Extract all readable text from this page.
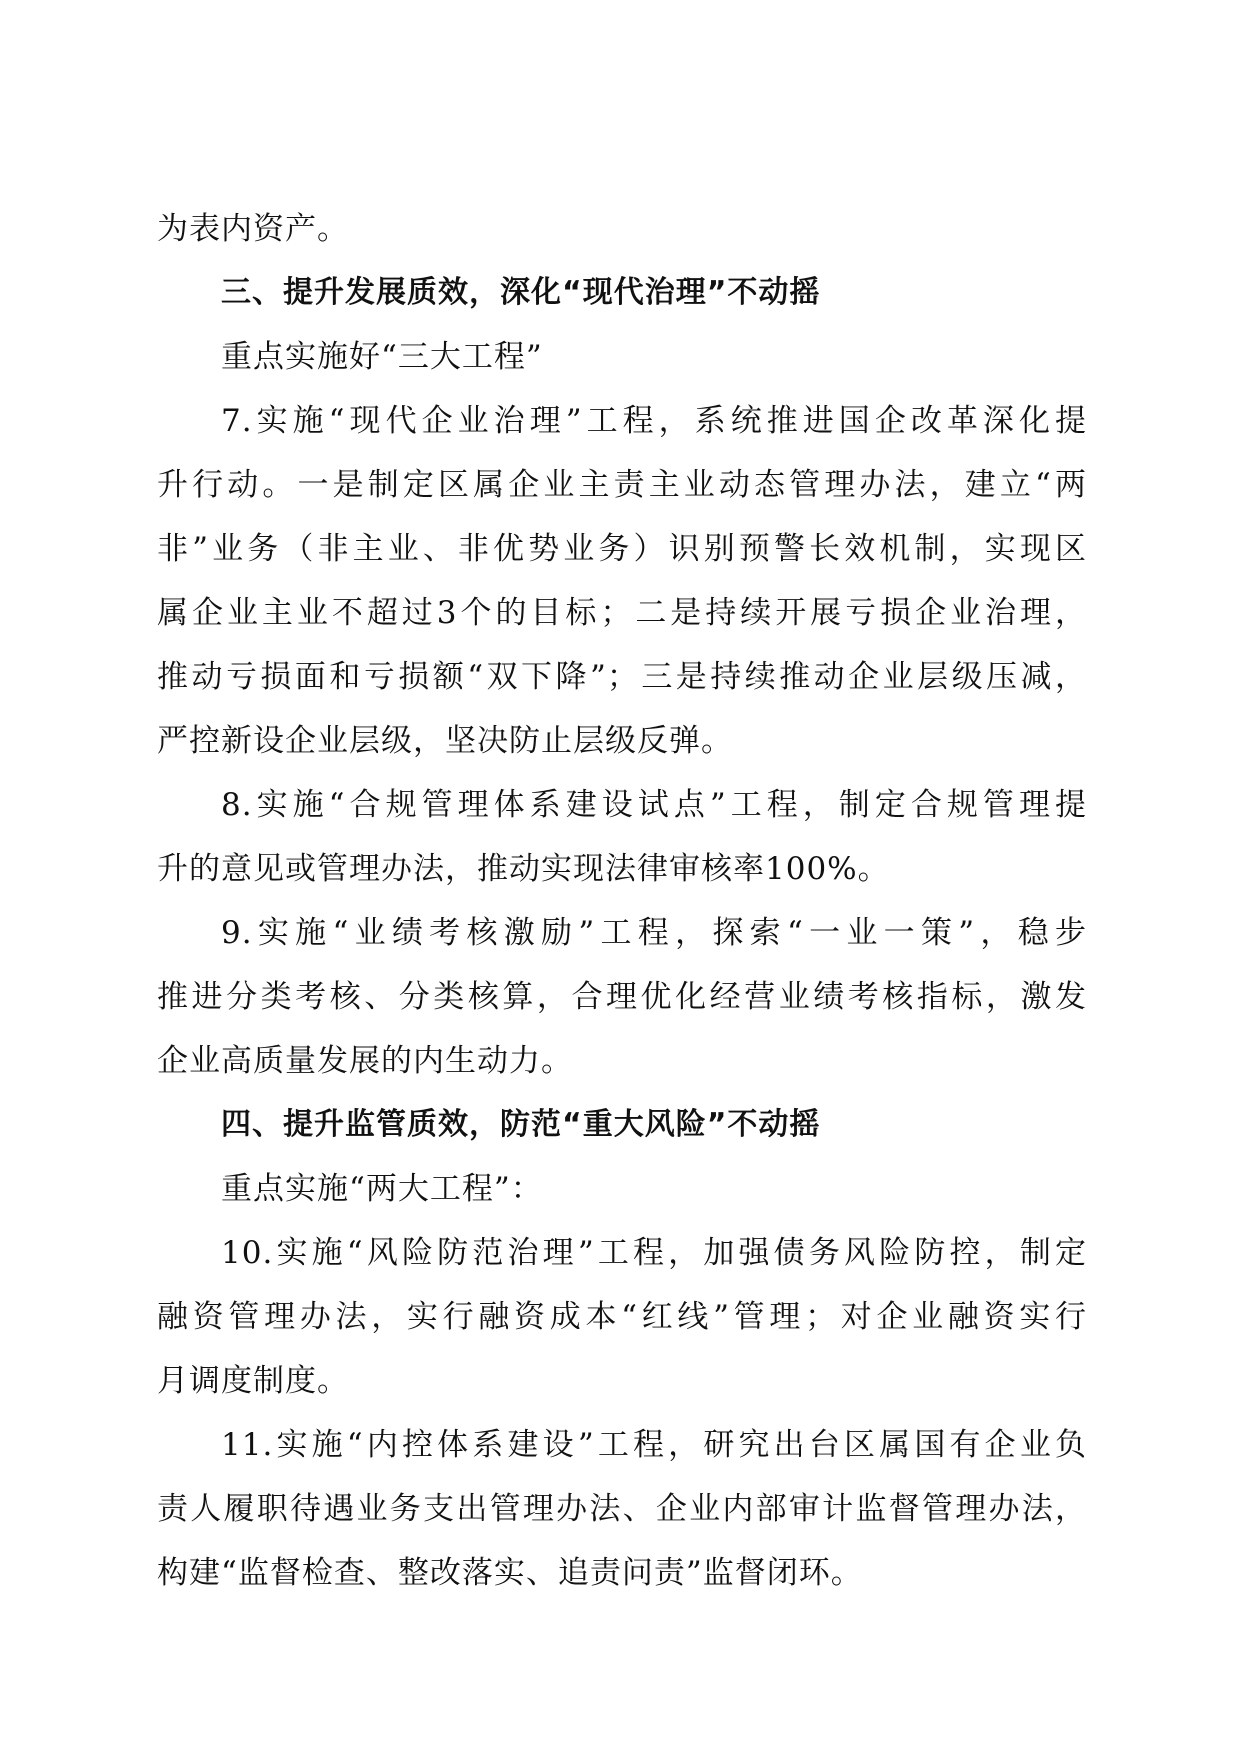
为表内资产。
三、提升发展质效，深化“现代治理”不动摇
重点实施好“三大工程”
7.实施“现代企业治理”工程，系统推进国企改革深化提
升行动。一是制定区属企业主责主业动态管理办法，建立“两
非”业务（非主业、非优势业务）识别预警长效机制，实现区
属企业主业不超过3个的目标；二是持续开展亏损企业治理，
推动亏损面和亏损额“双下降”；三是持续推动企业层级压减，
严控新设企业层级，坚决防止层级反弹。
8.实施“合规管理体系建设试点”工程，制定合规管理提
升的意见或管理办法，推动实现法律审核率100%。
9.实施“业绩考核激励”工程，探索“一业一策”，稳步
推进分类考核、分类核算，合理优化经营业绩考核指标，激发
企业高质量发展的内生动力。
四、提升监管质效，防范“重大风险”不动摇
重点实施“两大工程”：
10.实施“风险防范治理”工程，加强债务风险防控，制定
融资管理办法，实行融资成本“红线”管理；对企业融资实行
月调度制度。
11.实施“内控体系建设”工程，研究出台区属国有企业负
责人履职待遇业务支出管理办法、企业内部审计监督管理办法，
构建“监督检查、整改落实、追责问责”监督闭环。
